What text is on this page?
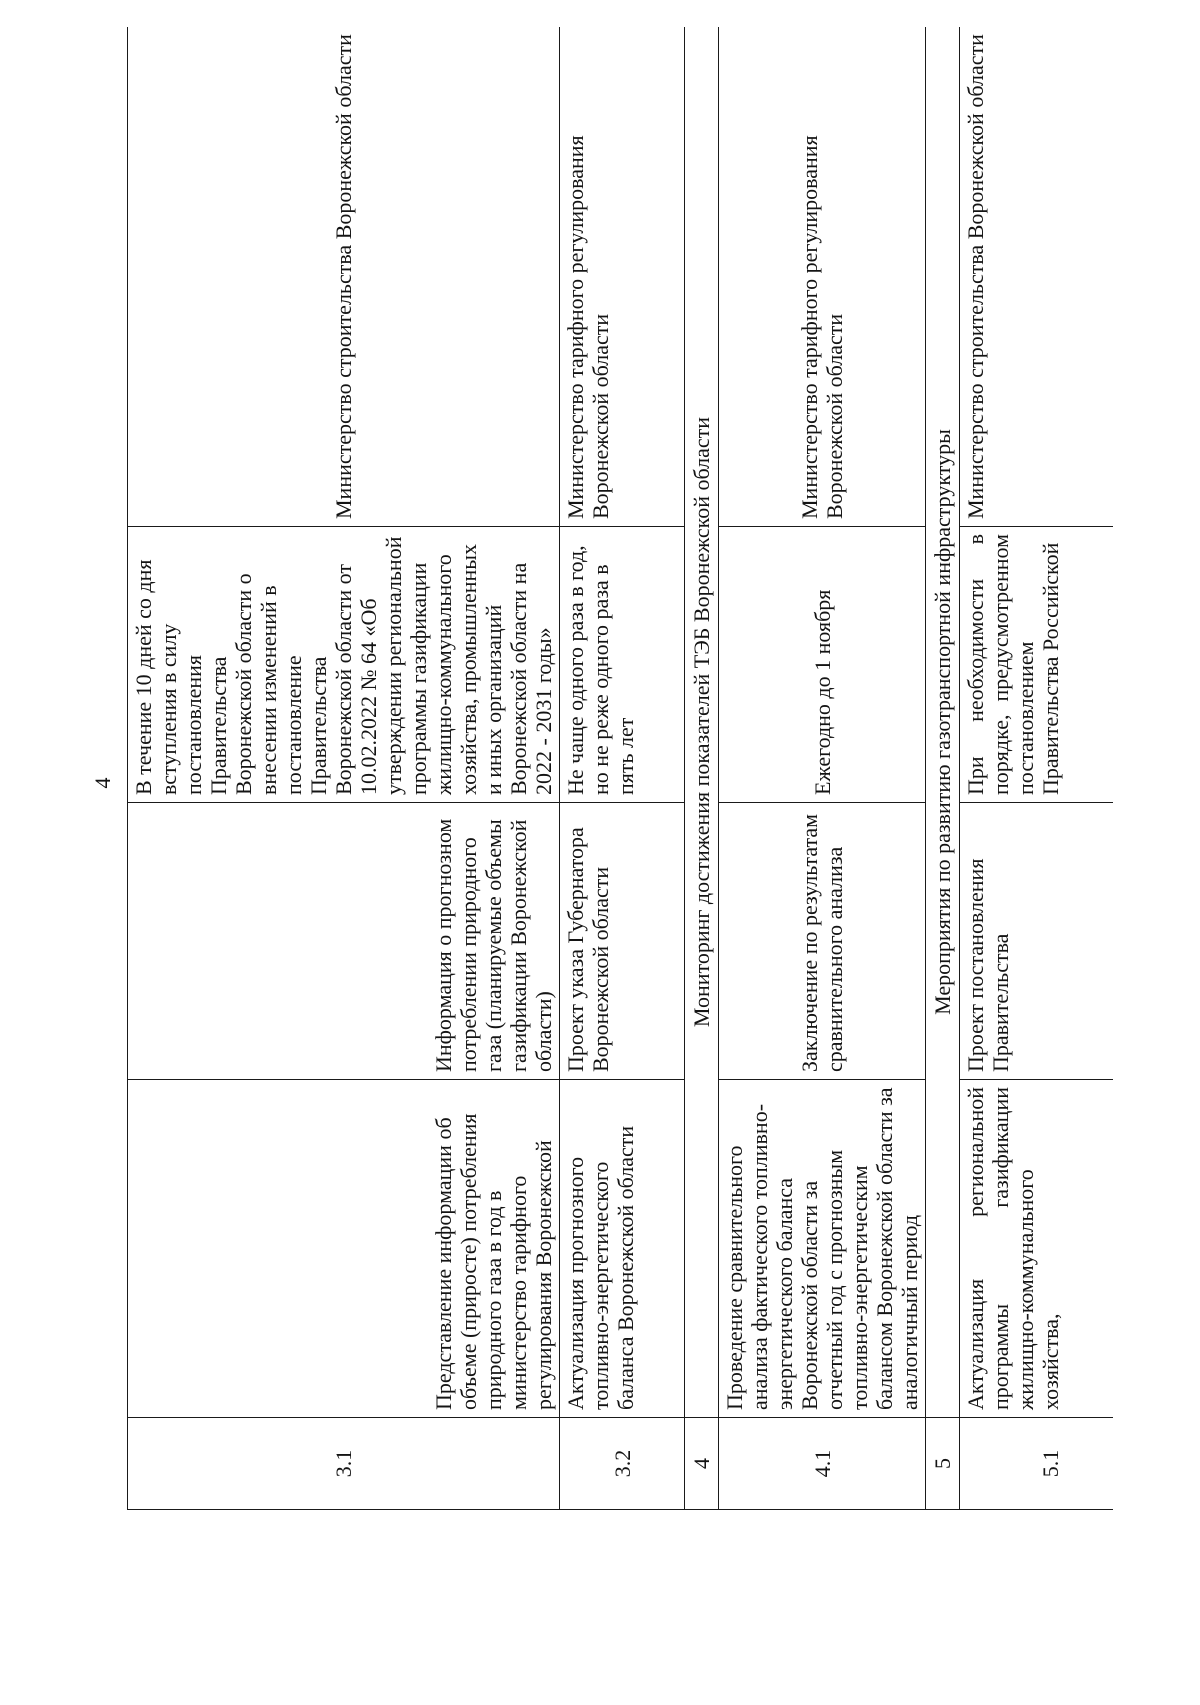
4
3.1	Представление информации об объеме (приросте) потребления природного газа в год в министерство тарифного регулирования Воронежской	Информация о прогнозном потреблении природного газа (планируемые объемы газификации Воронежской области)	В течение 10 дней со дня вступления в силу постановления Правительства Воронежской области о внесении изменений в постановление Правительства Воронежской области от 10.02.2022 № 64 «Об утверждении региональной программы газификации жилищно-коммунального хозяйства, промышленных и иных организаций Воронежской области на 2022 - 2031 годы»	Министерство строительства Воронежской области
3.2	Актуализация прогнозного топливно-энергетического баланса Воронежской области	Проект указа Губернатора Воронежской области	Не чаще одного раза в год, но не реже одного раза в пять лет	Министерство тарифного регулирования Воронежской области
4	Мониторинг достижения показателей ТЭБ Воронежской области			
4.1	Проведение сравнительного анализа фактического топливно-энергетического баланса Воронежской области за отчетный год с прогнозным топливно-энергетическим балансом Воронежской области за аналогичный период	Заключение по результатам сравнительного анализа	Ежегодно до 1 ноября	Министерство тарифного регулирования Воронежской области
5	Мероприятия по развитию газотранспортной инфраструктуры			
5.1	Актуализация региональной программы газификации жилищно-коммунального хозяйства,	Проект постановления Правительства	При необходимости в порядке, предусмотренном постановлением Правительства Российской	Министерство строительства Воронежской области
